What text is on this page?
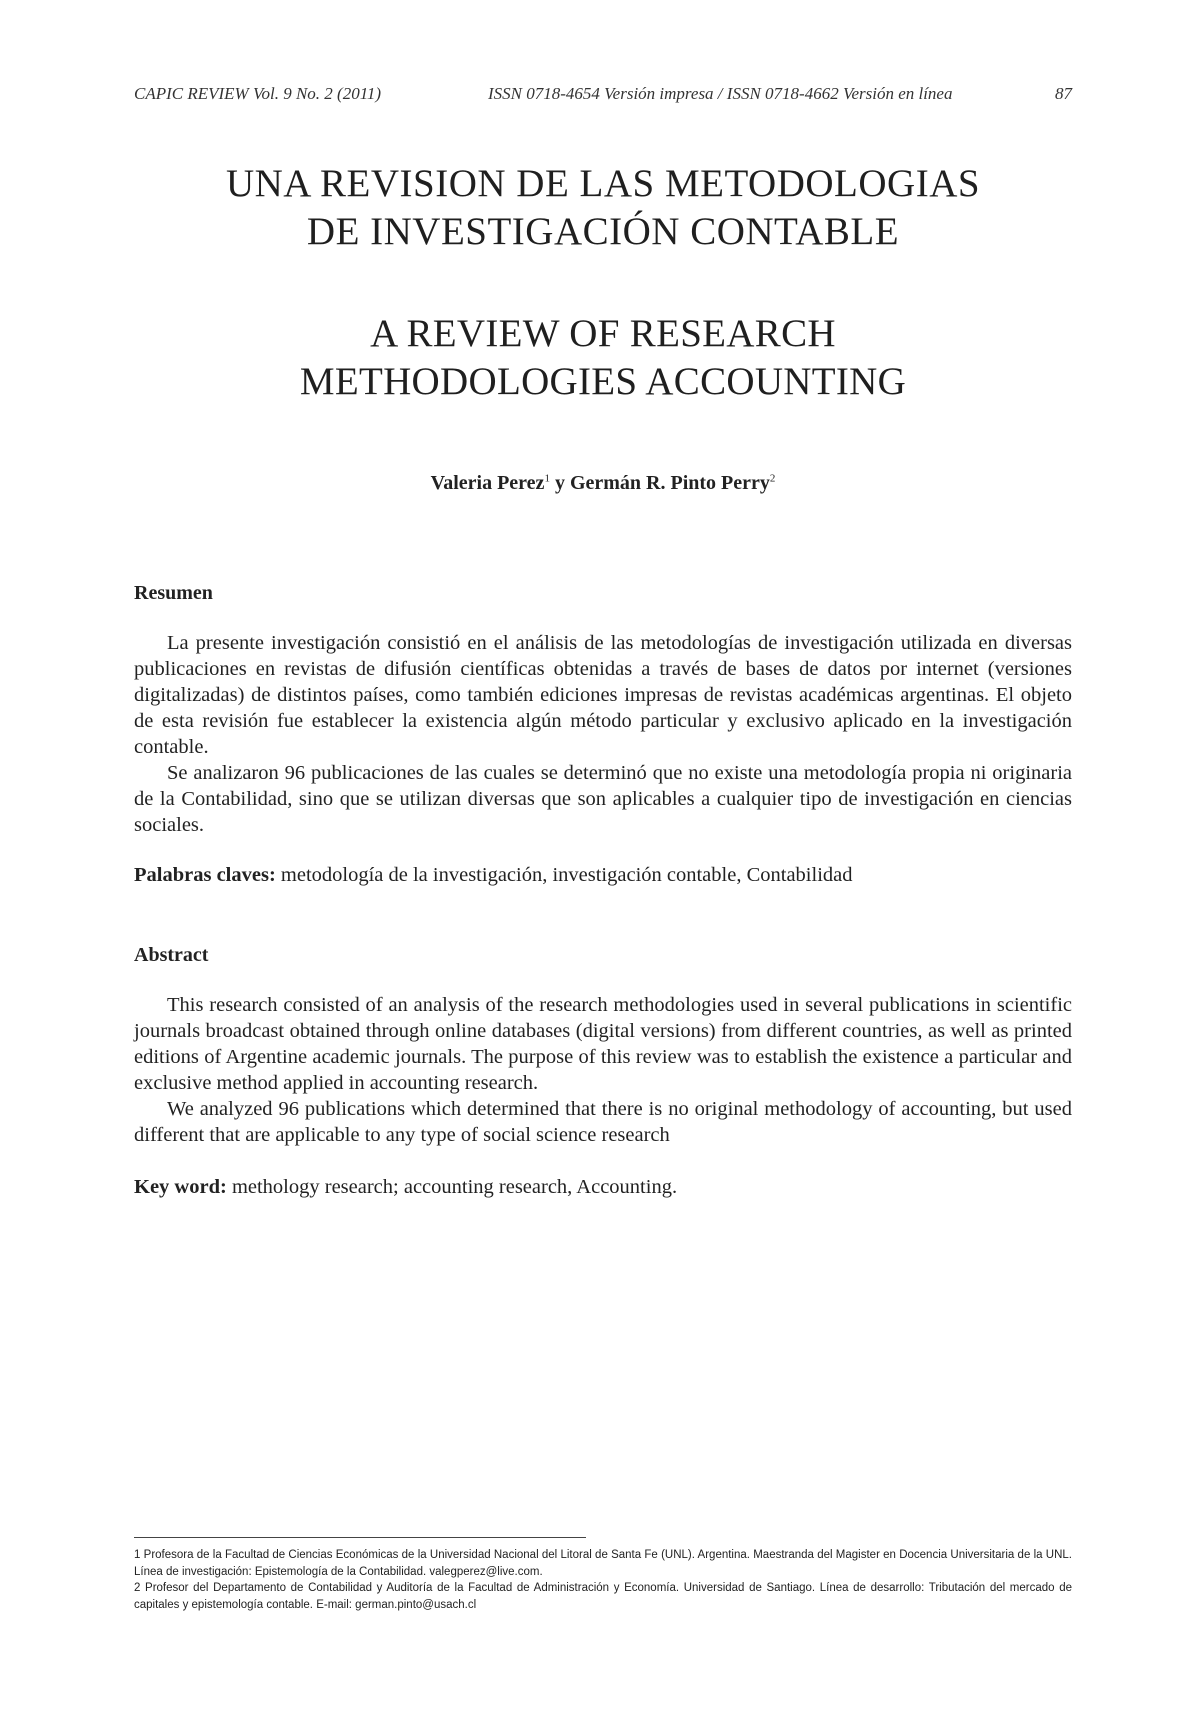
CAPIC REVIEW Vol. 9 No. 2 (2011)	ISSN 0718-4654 Versión impresa / ISSN 0718-4662 Versión en línea	87
UNA REVISION DE LAS METODOLOGIAS
DE INVESTIGACIÓN CONTABLE
A REVIEW OF RESEARCH
METHODOLOGIES ACCOUNTING
Valeria Perez$^1$ y Germán R. Pinto Perry$^2$
Resumen

La presente investigación consistió en el análisis de las metodologías de investigación utilizada en diversas publicaciones en revistas de difusión científicas obtenidas a través de bases de datos por internet (versiones digitalizadas) de distintos países, como también ediciones impresas de revistas académicas argentinas. El objeto de esta revisión fue establecer la existencia algún método particular y exclusivo aplicado en la investigación contable.

Se analizaron 96 publicaciones de las cuales se determinó que no existe una metodología propia ni originaria de la Contabilidad, sino que se utilizan diversas que son aplicables a cualquier tipo de investigación en ciencias sociales.

Palabras claves: metodología de la investigación, investigación contable, Contabilidad
Abstract

This research consisted of an analysis of the research methodologies used in several publications in scientific journals broadcast obtained through online databases (digital versions) from different countries, as well as printed editions of Argentine academic journals. The purpose of this review was to establish the existence a particular and exclusive method applied in accounting research.

We analyzed 96 publications which determined that there is no original methodology of accounting, but used different that are applicable to any type of social science research

Key word: methology research; accounting research, Accounting.

1 Profesora de la Facultad de Ciencias Económicas de la Universidad Nacional del Litoral de Santa Fe (UNL). Argentina. Maestranda del Magister en Docencia Universitaria de la UNL. Línea de investigación: Epistemología de la Contabilidad. valegperez@live.com.

2 Profesor del Departamento de Contabilidad y Auditoría de la Facultad de Administración y Economía. Universidad de Santiago. Línea de desarrollo: Tributación del mercado de capitales y epistemología contable. E-mail: german.pinto@usach.cl
